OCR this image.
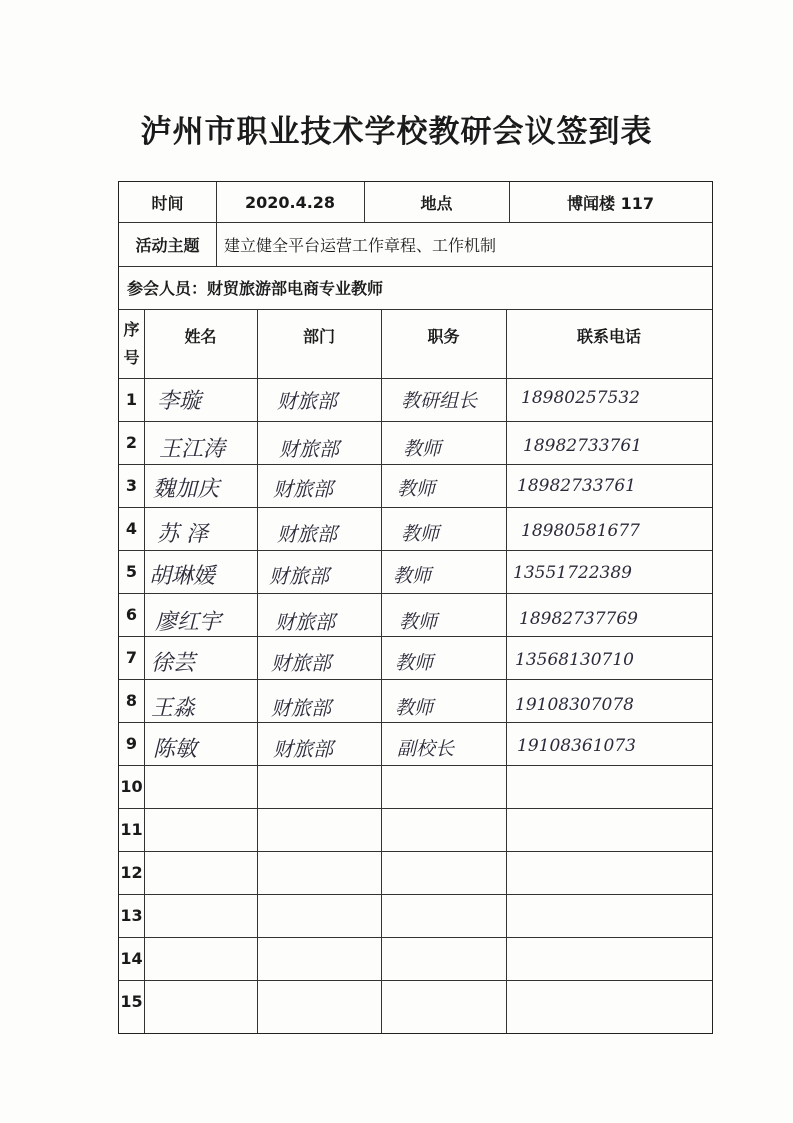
泸州市职业技术学校教研会议签到表
时间	2020.4.28	地点	博闻楼 117
活动主题	建立健全平台运营工作章程、工作机制
参会人员：财贸旅游部电商专业教师
序
号
姓名	部门	职务	联系电话
1 李璇	财旅部	教研组长	18980257532
2 王江涛	财旅部	教师	18982733761
3 魏加庆	财旅部	教师	18982733761
4 苏 泽	财旅部	教师	18980581677
5 胡琳媛	财旅部	教师	13551722389
6 廖红宇	财旅部	教师	18982737769
7 徐芸	财旅部	教师	13568130710
8 王淼	财旅部	教师	19108307078
9 陈敏	财旅部	副校长	19108361073
10
11
12
13
14
15
